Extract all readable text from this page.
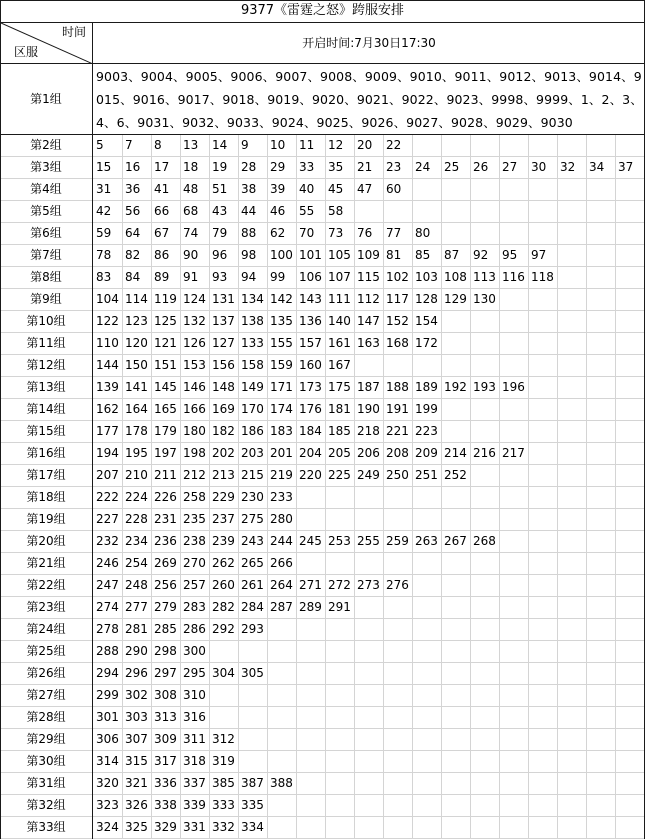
9377《雷霆之怒》跨服安排
时间
区服
开启时间:7月30日17:30
第1组
9003、9004、9005、9006、9007、9008、9009、9010、9011、9012、9013、9014、9015、9016、9017、9018、9019、9020、9021、9022、9023、9998、9999、1、2、3、4、6、9031、9032、9033、9024、9025、9026、9027、9028、9029、9030
第2组	5 7 8 13 14 9 10 11 12 20 22
第3组	15 16 17 18 19 28 29 33 35 21 23 24 25 26 27 30 32 34 37
第4组	31 36 41 48 51 38 39 40 45 47 60
第5组	42 56 66 68 43 44 46 55 58
第6组	59 64 67 74 79 88 62 70 73 76 77 80
第7组	78 82 86 90 96 98 100 101 105 109 81 85 87 92 95 97
第8组	83 84 89 91 93 94 99 106 107 115 102 103 108 113 116 118
第9组	104 114 119 124 131 134 142 143 111 112 117 128 129 130
第10组	122 123 125 132 137 138 135 136 140 147 152 154
第11组	110 120 121 126 127 133 155 157 161 163 168 172
第12组	144 150 151 153 156 158 159 160 167
第13组	139 141 145 146 148 149 171 173 175 187 188 189 192 193 196
第14组	162 164 165 166 169 170 174 176 181 190 191 199
第15组	177 178 179 180 182 186 183 184 185 218 221 223
第16组	194 195 197 198 202 203 201 204 205 206 208 209 214 216 217
第17组	207 210 211 212 213 215 219 220 225 249 250 251 252
第18组	222 224 226 258 229 230 233
第19组	227 228 231 235 237 275 280
第20组	232 234 236 238 239 243 244 245 253 255 259 263 267 268
第21组	246 254 269 270 262 265 266
第22组	247 248 256 257 260 261 264 271 272 273 276
第23组	274 277 279 283 282 284 287 289 291
第24组	278 281 285 286 292 293
第25组	288 290 298 300
第26组	294 296 297 295 304 305
第27组	299 302 308 310
第28组	301 303 313 316
第29组	306 307 309 311 312
第30组	314 315 317 318 319
第31组	320 321 336 337 385 387 388
第32组	323 326 338 339 333 335
第33组	324 325 329 331 332 334
